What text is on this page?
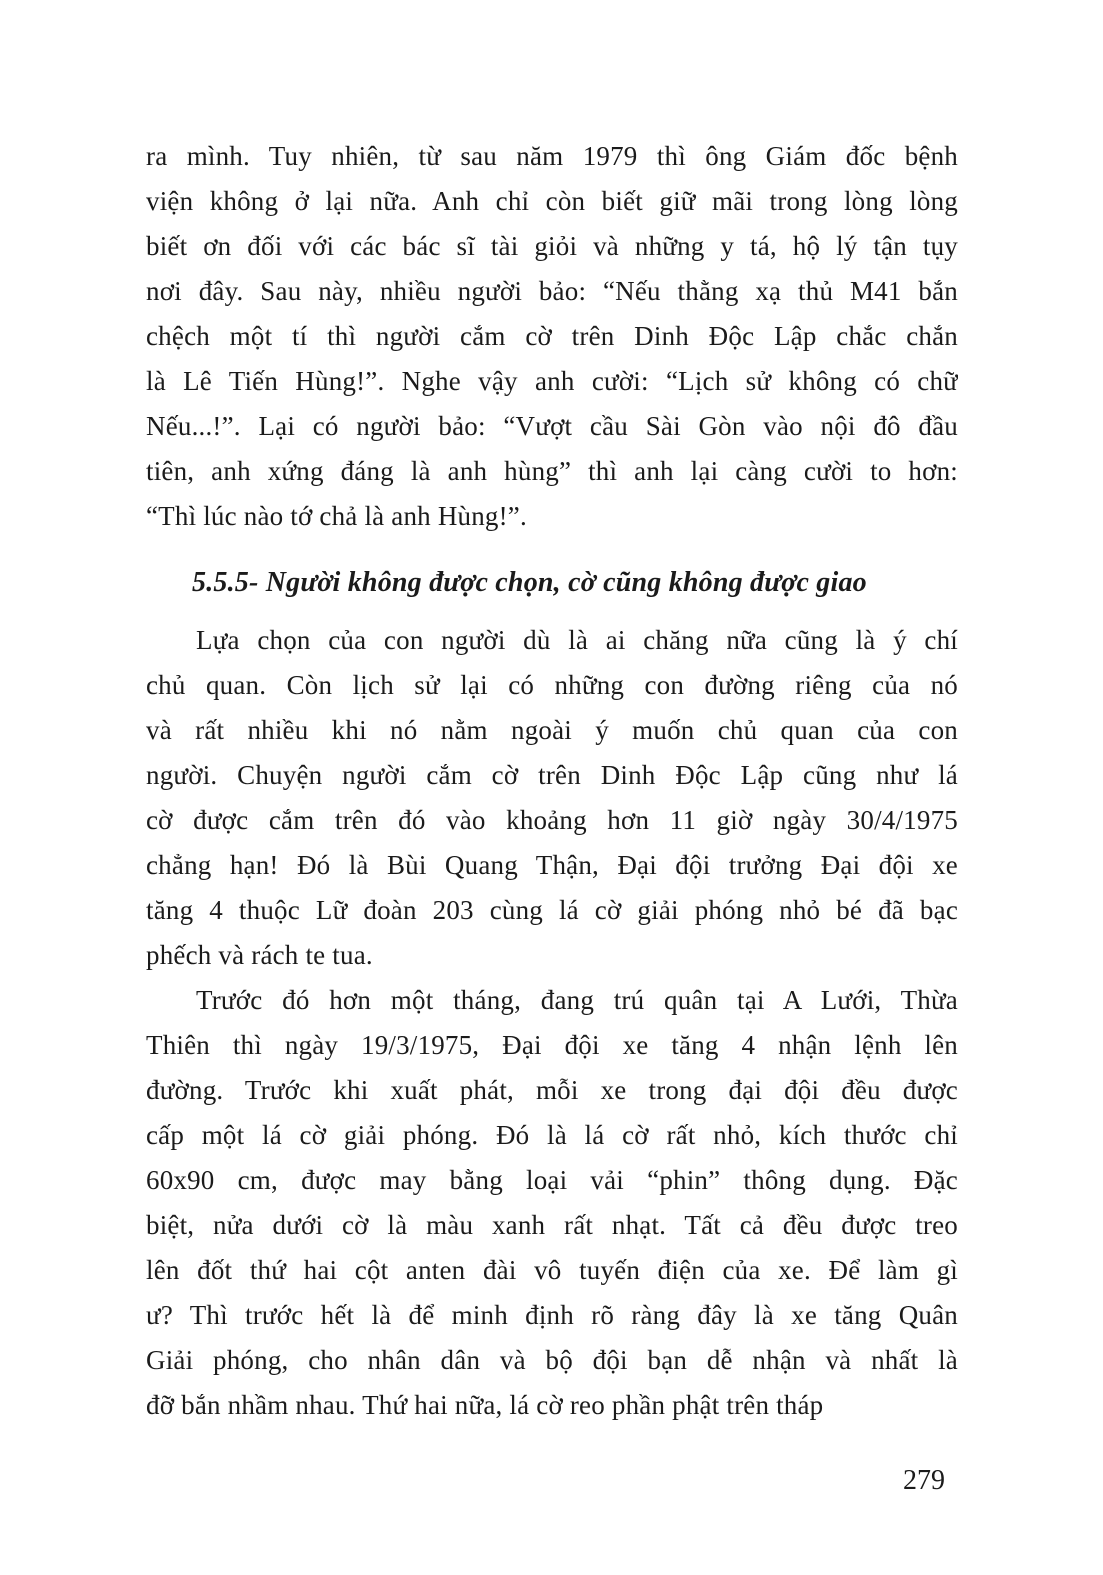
ra mình. Tuy nhiên, từ sau năm 1979 thì ông Giám đốc bệnh
viện không ở lại nữa. Anh chỉ còn biết giữ mãi trong lòng lòng
biết ơn đối với các bác sĩ tài giỏi và những y tá, hộ lý tận tụy
nơi đây. Sau này, nhiều người bảo: “Nếu thằng xạ thủ M41 bắn
chệch một tí thì người cắm cờ trên Dinh Độc Lập chắc chắn
là Lê Tiến Hùng!”. Nghe vậy anh cười: “Lịch sử không có chữ
Nếu...!”. Lại có người bảo: “Vượt cầu Sài Gòn vào nội đô đầu
tiên, anh xứng đáng là anh hùng” thì anh lại càng cười to hơn:
“Thì lúc nào tớ chả là anh Hùng!”.
5.5.5- Người không được chọn, cờ cũng không được giao
Lựa chọn của con người dù là ai chăng nữa cũng là ý chí
chủ quan. Còn lịch sử lại có những con đường riêng của nó
và rất nhiều khi nó nằm ngoài ý muốn chủ quan của con
người. Chuyện người cắm cờ trên Dinh Độc Lập cũng như lá
cờ được cắm trên đó vào khoảng hơn 11 giờ ngày 30/4/1975
chẳng hạn! Đó là Bùi Quang Thận, Đại đội trưởng Đại đội xe
tăng 4 thuộc Lữ đoàn 203 cùng lá cờ giải phóng nhỏ bé đã bạc
phếch và rách te tua.
Trước đó hơn một tháng, đang trú quân tại A Lưới, Thừa
Thiên thì ngày 19/3/1975, Đại đội xe tăng 4 nhận lệnh lên
đường. Trước khi xuất phát, mỗi xe trong đại đội đều được
cấp một lá cờ giải phóng. Đó là lá cờ rất nhỏ, kích thước chỉ
60x90 cm, được may bằng loại vải “phin” thông dụng. Đặc
biệt, nửa dưới cờ là màu xanh rất nhạt. Tất cả đều được treo
lên đốt thứ hai cột anten đài vô tuyến điện của xe. Để làm gì
ư? Thì trước hết là để minh định rõ ràng đây là xe tăng Quân
Giải phóng, cho nhân dân và bộ đội bạn dễ nhận và nhất là
đỡ bắn nhầm nhau. Thứ hai nữa, lá cờ reo phần phật trên tháp
279
